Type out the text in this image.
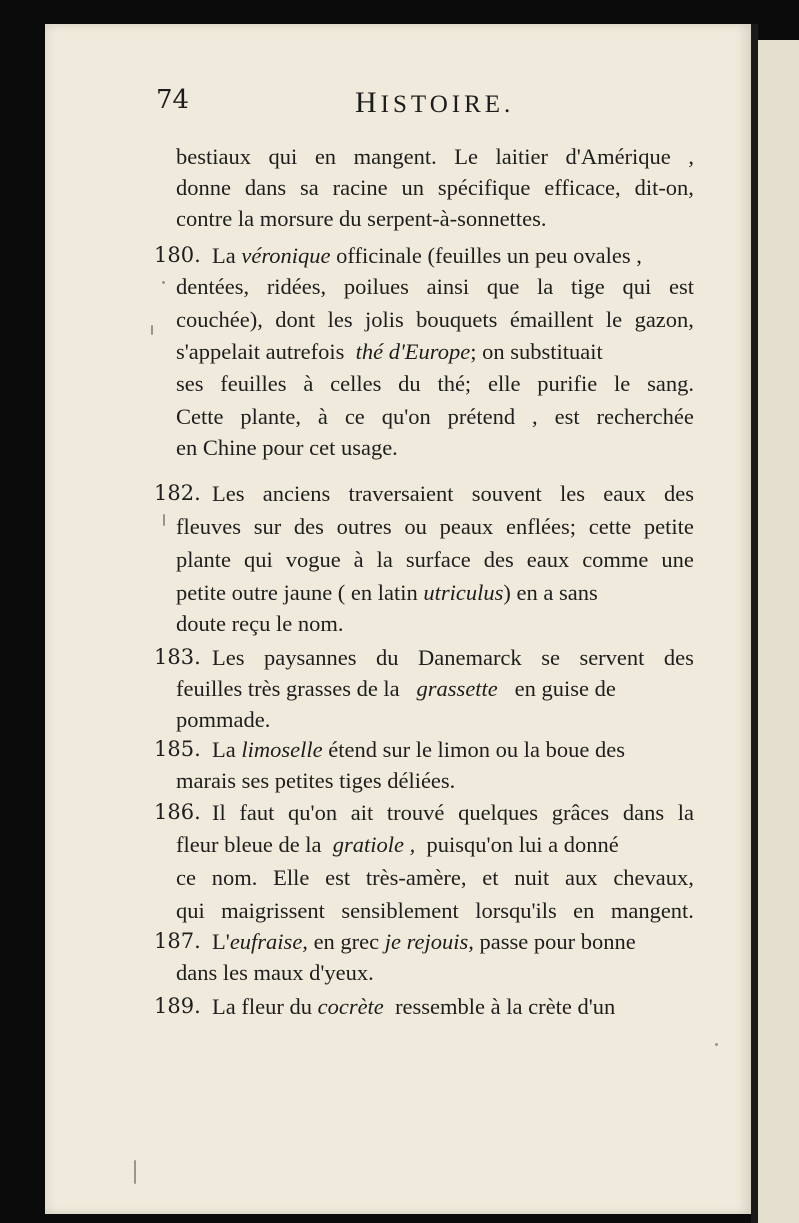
74	HISTOIRE.
bestiaux qui en mangent. Le laitier d'Amérique ,
donne dans sa racine un spécifique efficace, dit-on,
contre la morsure du serpent-à-sonnettes.
180. La véronique officinale (feuilles un peu ovales ,
dentées, ridées, poilues ainsi que la tige qui est
couchée), dont les jolis bouquets émaillent le gazon,
s'appelait autrefois thé d'Europe; on substituait
ses feuilles à celles du thé; elle purifie le sang.
Cette plante, à ce qu'on prétend , est recherchée
en Chine pour cet usage.
182. Les anciens traversaient souvent les eaux des
fleuves sur des outres ou peaux enflées; cette petite
plante qui vogue à la surface des eaux comme une
petite outre jaune ( en latin utriculus) en a sans
doute reçu le nom.
183. Les paysannes du Danemarck se servent des
feuilles très grasses de la grassette en guise de
pommade.
185. La limoselle étend sur le limon ou la boue des
marais ses petites tiges déliées.
186. Il faut qu'on ait trouvé quelques grâces dans la
fleur bleue de la gratiole , puisqu'on lui a donné
ce nom. Elle est très-amère, et nuit aux chevaux,
qui maigrissent sensiblement lorsqu'ils en mangent.
187. L'eufraise, en grec je rejouis, passe pour bonne
dans les maux d'yeux.
189. La fleur du cocrète ressemble à la crète d'un
